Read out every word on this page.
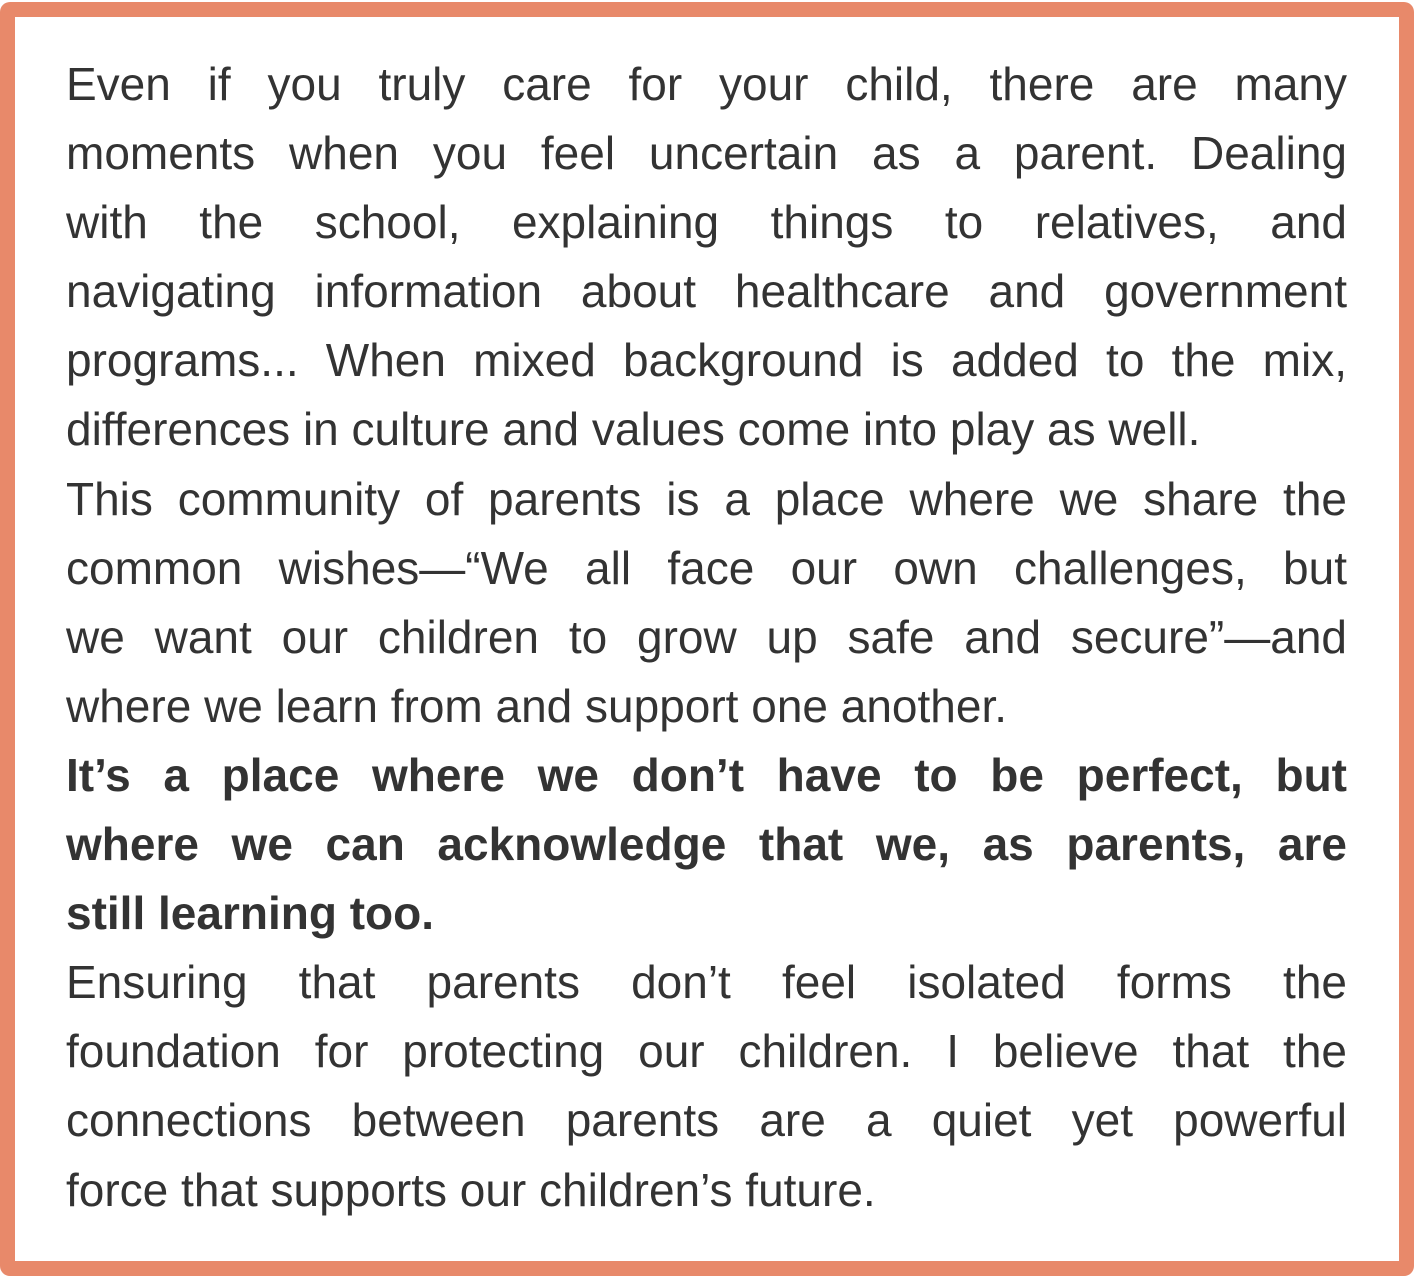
Even if you truly care for your child, there are many
moments when you feel uncertain as a parent. Dealing
with the school, explaining things to relatives, and
navigating information about healthcare and government
programs... When mixed background is added to the mix,
differences in culture and values come into play as well.
This community of parents is a place where we share the
common wishes—“We all face our own challenges, but
we want our children to grow up safe and secure”—and
where we learn from and support one another.
It’s a place where we don’t have to be perfect, but
where we can acknowledge that we, as parents, are
still learning too.
Ensuring that parents don’t feel isolated forms the
foundation for protecting our children. I believe that the
connections between parents are a quiet yet powerful
force that supports our children’s future.
